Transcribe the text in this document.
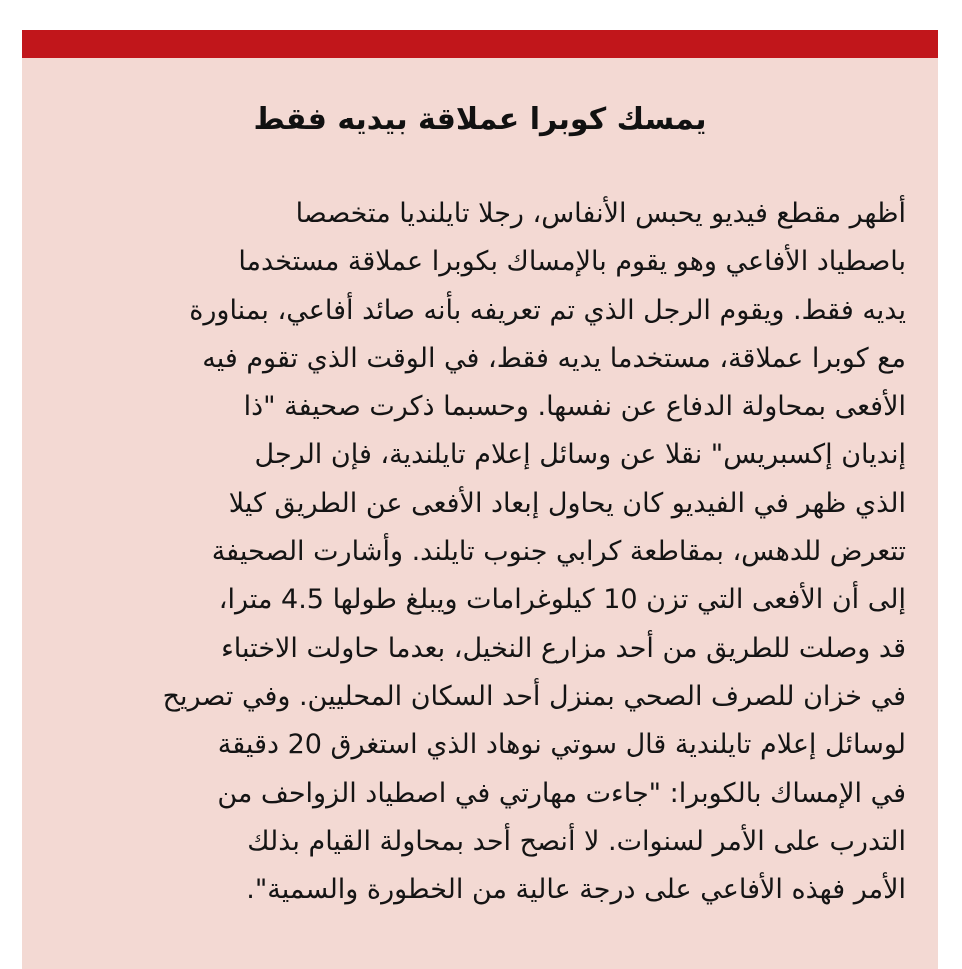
يمسك كوبرا عملاقة بيديه فقط
أظهر مقطع فيديو يحبس الأنفاس، رجلا تايلنديا متخصصا
باصطياد الأفاعي وهو يقوم بالإمساك بكوبرا عملاقة مستخدما
يديه فقط. ويقوم الرجل الذي تم تعريفه بأنه صائد أفاعي، بمناورة
مع كوبرا عملاقة، مستخدما يديه فقط، في الوقت الذي تقوم فيه
الأفعى بمحاولة الدفاع عن نفسها. وحسبما ذكرت صحيفة "ذا
إنديان إكسبريس" نقلا عن وسائل إعلام تايلندية، فإن الرجل
الذي ظهر في الفيديو كان يحاول إبعاد الأفعى عن الطريق كيلا
تتعرض للدهس، بمقاطعة كرابي جنوب تايلند. وأشارت الصحيفة
إلى أن الأفعى التي تزن 10 كيلوغرامات ويبلغ طولها 4.5 مترا،
قد وصلت للطريق من أحد مزارع النخيل، بعدما حاولت الاختباء
في خزان للصرف الصحي بمنزل أحد السكان المحليين. وفي تصريح
لوسائل إعلام تايلندية قال سوتي نوهاد الذي استغرق 20 دقيقة
في الإمساك بالكوبرا: "جاءت مهارتي في اصطياد الزواحف من
التدرب على الأمر لسنوات. لا أنصح أحد بمحاولة القيام بذلك
الأمر فهذه الأفاعي على درجة عالية من الخطورة والسمية".
